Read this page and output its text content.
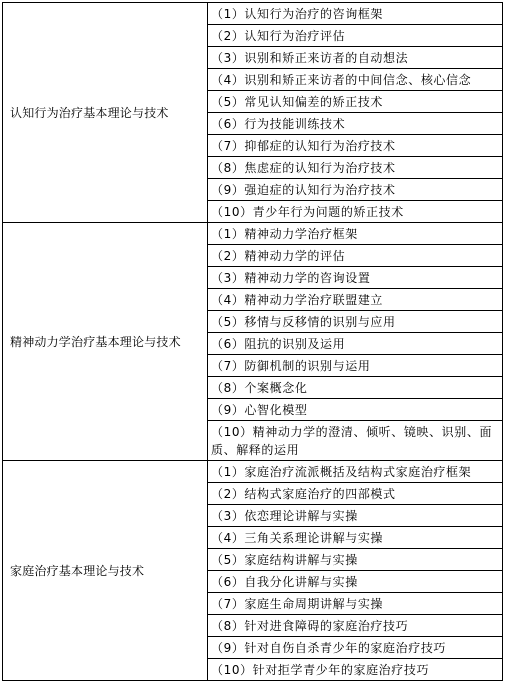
认知行为治疗基本理论与技术	（1）认知行为治疗的咨询框架
	（2）认知行为治疗评估
	（3）识别和矫正来访者的自动想法
	（4）识别和矫正来访者的中间信念、核心信念
	（5）常见认知偏差的矫正技术
	（6）行为技能训练技术
	（7）抑郁症的认知行为治疗技术
	（8）焦虑症的认知行为治疗技术
	（9）强迫症的认知行为治疗技术
	（10）青少年行为问题的矫正技术
精神动力学治疗基本理论与技术	（1）精神动力学治疗框架
	（2）精神动力学的评估
	（3）精神动力学的咨询设置
	（4）精神动力学治疗联盟建立
	（5）移情与反移情的识别与应用
	（6）阻抗的识别及运用
	（7）防御机制的识别与运用
	（8）个案概念化
	（9）心智化模型
	（10）精神动力学的澄清、倾听、镜映、识别、面质、解释的运用
家庭治疗基本理论与技术	（1）家庭治疗流派概括及结构式家庭治疗框架
	（2）结构式家庭治疗的四部模式
	（3）依恋理论讲解与实操
	（4）三角关系理论讲解与实操
	（5）家庭结构讲解与实操
	（6）自我分化讲解与实操
	（7）家庭生命周期讲解与实操
	（8）针对进食障碍的家庭治疗技巧
	（9）针对自伤自杀青少年的家庭治疗技巧
	（10）针对拒学青少年的家庭治疗技巧
